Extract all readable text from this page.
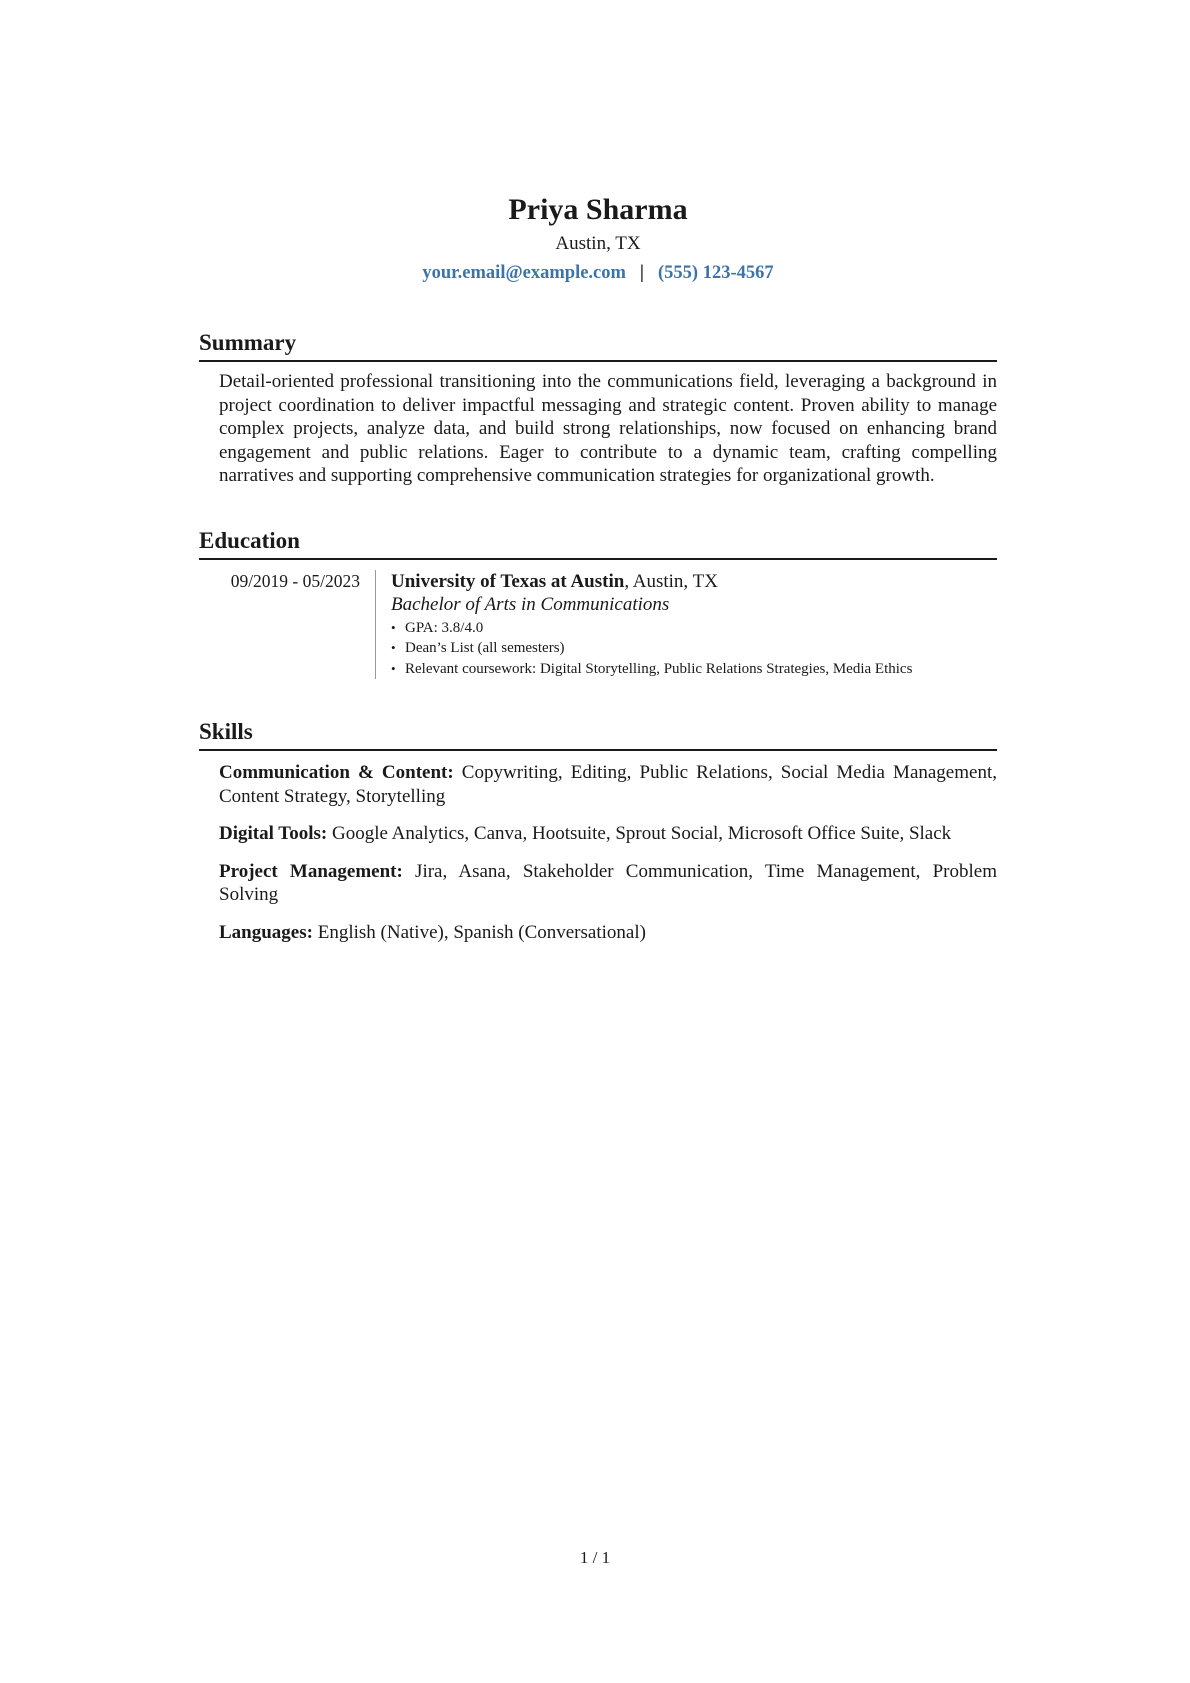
Priya Sharma
Austin, TX
your.email@example.com | (555) 123-4567
Summary

Detail-oriented professional transitioning into the communications field, leveraging a background in project coordination to deliver impactful messaging and strategic content. Proven ability to manage complex projects, analyze data, and build strong relationships, now focused on enhancing brand engagement and public relations. Eager to contribute to a dynamic team, crafting compelling narratives and supporting comprehensive communication strategies for organizational growth.

Education
09/2019 - 05/2023	University of Texas at Austin, Austin, TX
Bachelor of Arts in Communications
• GPA: 3.8/4.0
• Dean’s List (all semesters)
• Relevant coursework: Digital Storytelling, Public Relations Strategies, Media Ethics
Skills

Communication & Content: Copywriting, Editing, Public Relations, Social Media Management, Content Strategy, Storytelling

Digital Tools: Google Analytics, Canva, Hootsuite, Sprout Social, Microsoft Office Suite, Slack

Project Management: Jira, Asana, Stakeholder Communication, Time Management, Problem Solving

Languages: English (Native), Spanish (Conversational)

1 / 1
